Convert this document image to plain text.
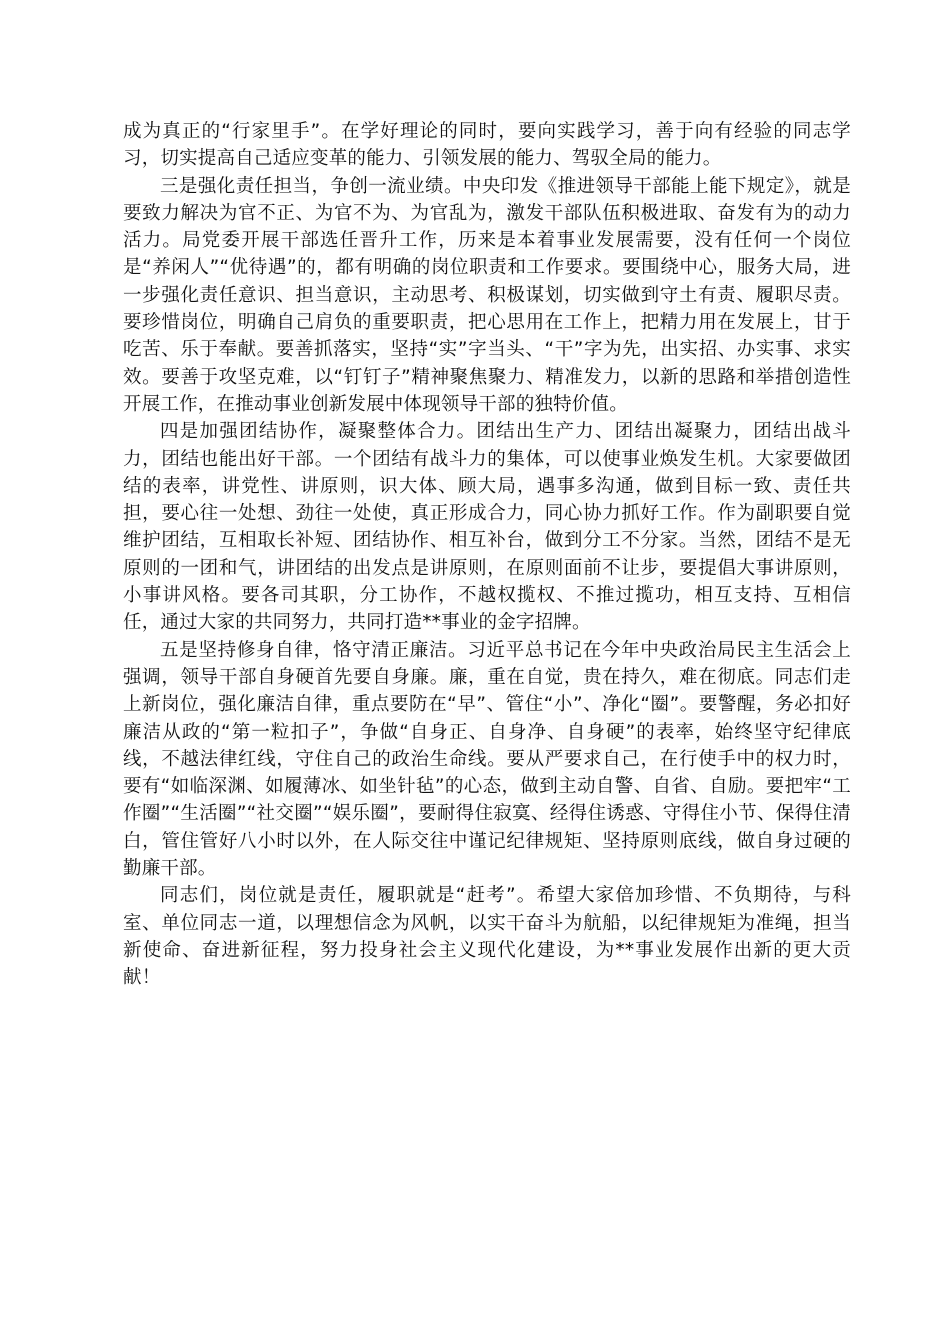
成为真正的“行家里手”。在学好理论的同时，要向实践学习，善于向有经验的同志学习，切实提高自己适应变革的能力、引领发展的能力、驾驭全局的能力。

三是强化责任担当，争创一流业绩。中央印发《推进领导干部能上能下规定》，就是要致力解决为官不正、为官不为、为官乱为，激发干部队伍积极进取、奋发有为的动力活力。局党委开展干部选任晋升工作，历来是本着事业发展需要，没有任何一个岗位是“养闲人”“优待遇”的，都有明确的岗位职责和工作要求。要围绕中心，服务大局，进一步强化责任意识、担当意识，主动思考、积极谋划，切实做到守土有责、履职尽责。要珍惜岗位，明确自己肩负的重要职责，把心思用在工作上，把精力用在发展上，甘于吃苦、乐于奉献。要善抓落实，坚持“实”字当头、“干”字为先，出实招、办实事、求实效。要善于攻坚克难，以“钉钉子”精神聚焦聚力、精准发力，以新的思路和举措创造性开展工作，在推动事业创新发展中体现领导干部的独特价值。

四是加强团结协作，凝聚整体合力。团结出生产力、团结出凝聚力，团结出战斗力，团结也能出好干部。一个团结有战斗力的集体，可以使事业焕发生机。大家要做团结的表率，讲党性、讲原则，识大体、顾大局，遇事多沟通，做到目标一致、责任共担，要心往一处想、劲往一处使，真正形成合力，同心协力抓好工作。作为副职要自觉维护团结，互相取长补短、团结协作、相互补台，做到分工不分家。当然，团结不是无原则的一团和气，讲团结的出发点是讲原则，在原则面前不让步，要提倡大事讲原则，小事讲风格。要各司其职，分工协作，不越权揽权、不推过揽功，相互支持、互相信任，通过大家的共同努力，共同打造**事业的金字招牌。

五是坚持修身自律，恪守清正廉洁。习近平总书记在今年中央政治局民主生活会上强调，领导干部自身硬首先要自身廉。廉，重在自觉，贵在持久，难在彻底。同志们走上新岗位，强化廉洁自律，重点要防在“早”、管住“小”、净化“圈”。要警醒，务必扣好廉洁从政的“第一粒扣子”，争做“自身正、自身净、自身硬”的表率，始终坚守纪律底线，不越法律红线，守住自己的政治生命线。要从严要求自己，在行使手中的权力时，要有“如临深渊、如履薄冰、如坐针毡”的心态，做到主动自警、自省、自励。要把牢“工作圈”“生活圈”“社交圈”“娱乐圈”，要耐得住寂寞、经得住诱惑、守得住小节、保得住清白，管住管好八小时以外，在人际交往中谨记纪律规矩、坚持原则底线，做自身过硬的勤廉干部。

同志们，岗位就是责任，履职就是“赶考”。希望大家倍加珍惜、不负期待，与科室、单位同志一道，以理想信念为风帆，以实干奋斗为航船，以纪律规矩为准绳，担当新使命、奋进新征程，努力投身社会主义现代化建设，为**事业发展作出新的更大贡献！
